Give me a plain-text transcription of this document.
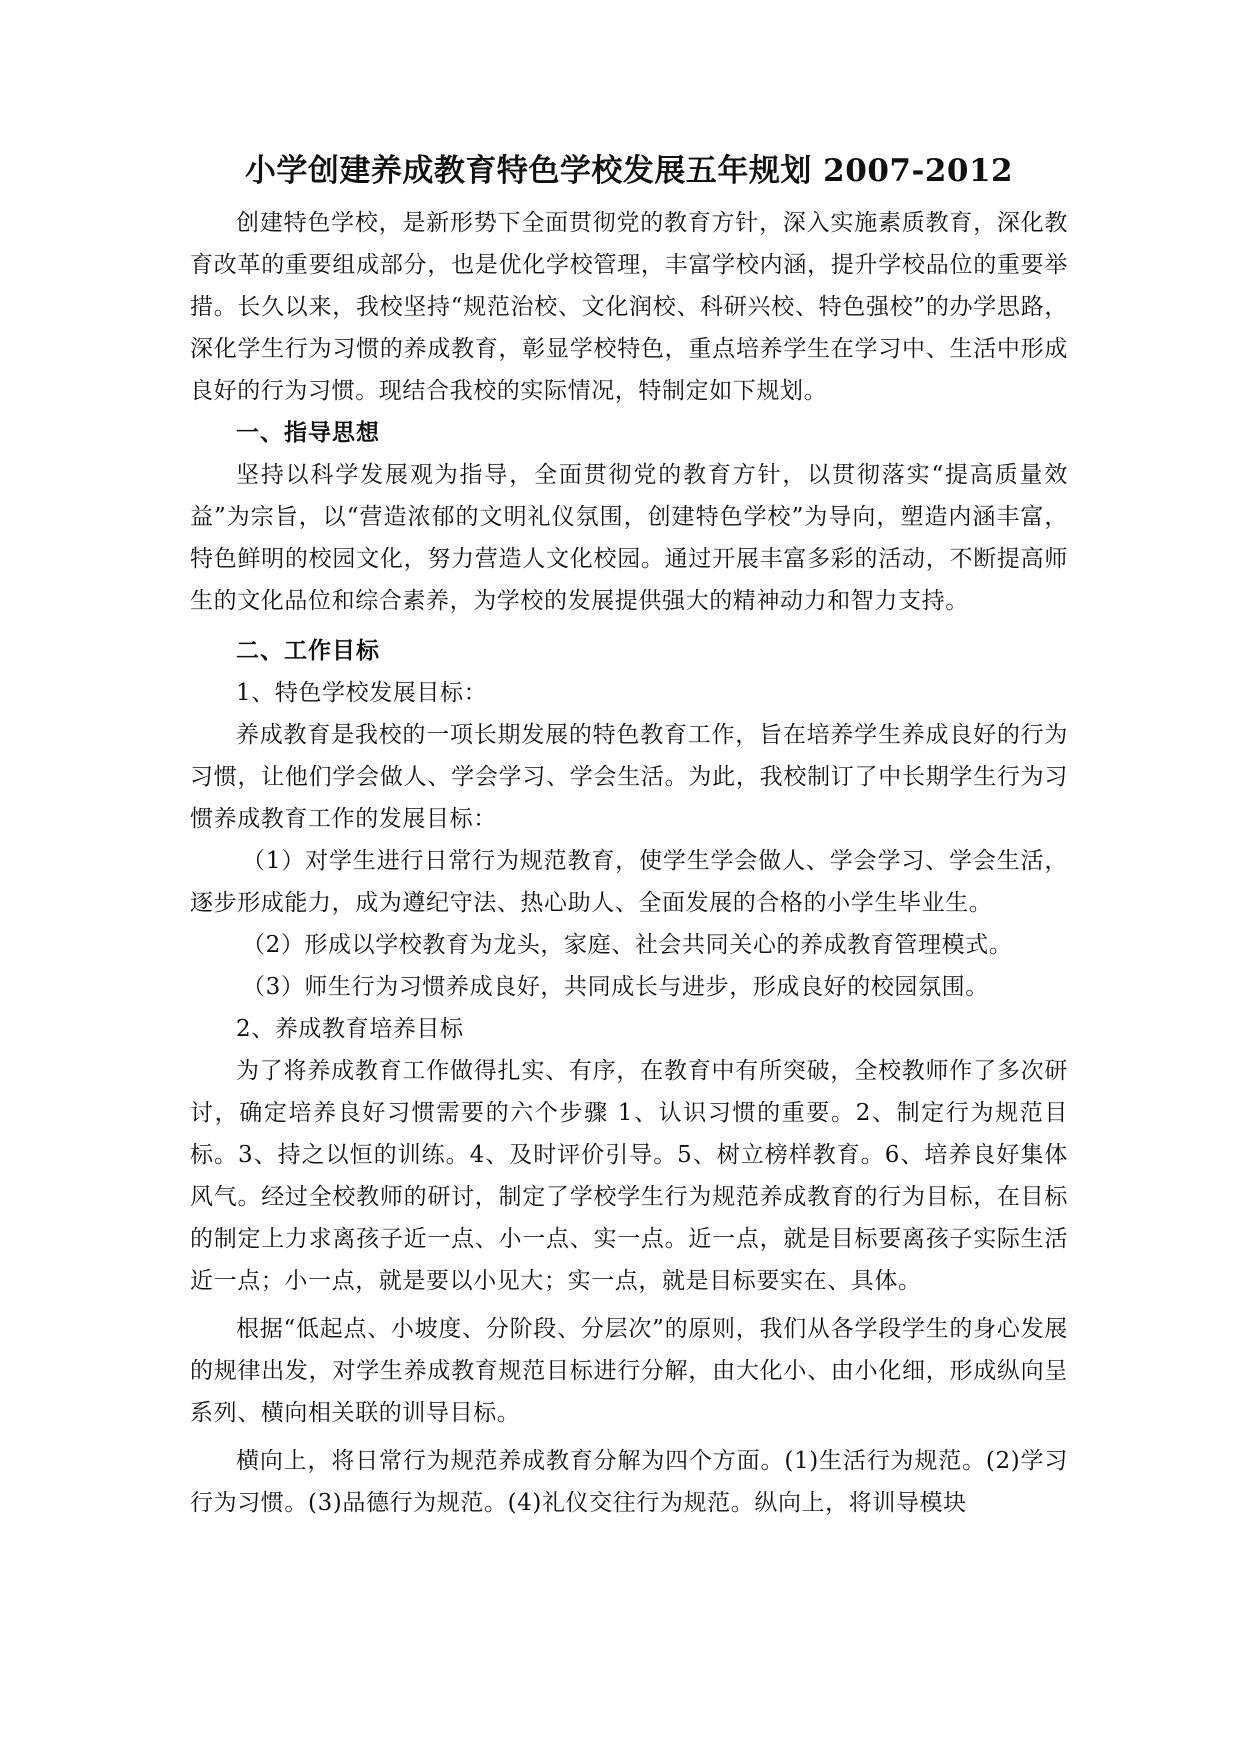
小学创建养成教育特色学校发展五年规划 2007-2012

创建特色学校，是新形势下全面贯彻党的教育方针，深入实施素质教育，深化教育改革的重要组成部分，也是优化学校管理，丰富学校内涵，提升学校品位的重要举措。长久以来，我校坚持“规范治校、文化润校、科研兴校、特色强校”的办学思路，深化学生行为习惯的养成教育，彰显学校特色，重点培养学生在学习中、生活中形成良好的行为习惯。现结合我校的实际情况，特制定如下规划。

一、指导思想

坚持以科学发展观为指导，全面贯彻党的教育方针，以贯彻落实“提高质量效益”为宗旨，以“营造浓郁的文明礼仪氛围，创建特色学校”为导向，塑造内涵丰富，特色鲜明的校园文化，努力营造人文化校园。通过开展丰富多彩的活动，不断提高师生的文化品位和综合素养，为学校的发展提供强大的精神动力和智力支持。

二、工作目标

1、特色学校发展目标：

养成教育是我校的一项长期发展的特色教育工作，旨在培养学生养成良好的行为习惯，让他们学会做人、学会学习、学会生活。为此，我校制订了中长期学生行为习惯养成教育工作的发展目标：

（1）对学生进行日常行为规范教育，使学生学会做人、学会学习、学会生活，逐步形成能力，成为遵纪守法、热心助人、全面发展的合格的小学生毕业生。

（2）形成以学校教育为龙头，家庭、社会共同关心的养成教育管理模式。

（3）师生行为习惯养成良好，共同成长与进步，形成良好的校园氛围。

2、养成教育培养目标

为了将养成教育工作做得扎实、有序，在教育中有所突破，全校教师作了多次研讨，确定培养良好习惯需要的六个步骤 1、认识习惯的重要。2、制定行为规范目标。3、持之以恒的训练。4、及时评价引导。5、树立榜样教育。6、培养良好集体风气。经过全校教师的研讨，制定了学校学生行为规范养成教育的行为目标，在目标的制定上力求离孩子近一点、小一点、实一点。近一点，就是目标要离孩子实际生活近一点；小一点，就是要以小见大；实一点，就是目标要实在、具体。

根据“低起点、小坡度、分阶段、分层次”的原则，我们从各学段学生的身心发展的规律出发，对学生养成教育规范目标进行分解，由大化小、由小化细，形成纵向呈系列、横向相关联的训导目标。

横向上，将日常行为规范养成教育分解为四个方面。(1)生活行为规范。(2)学习行为习惯。(3)品德行为规范。(4)礼仪交往行为规范。纵向上，将训导模块
